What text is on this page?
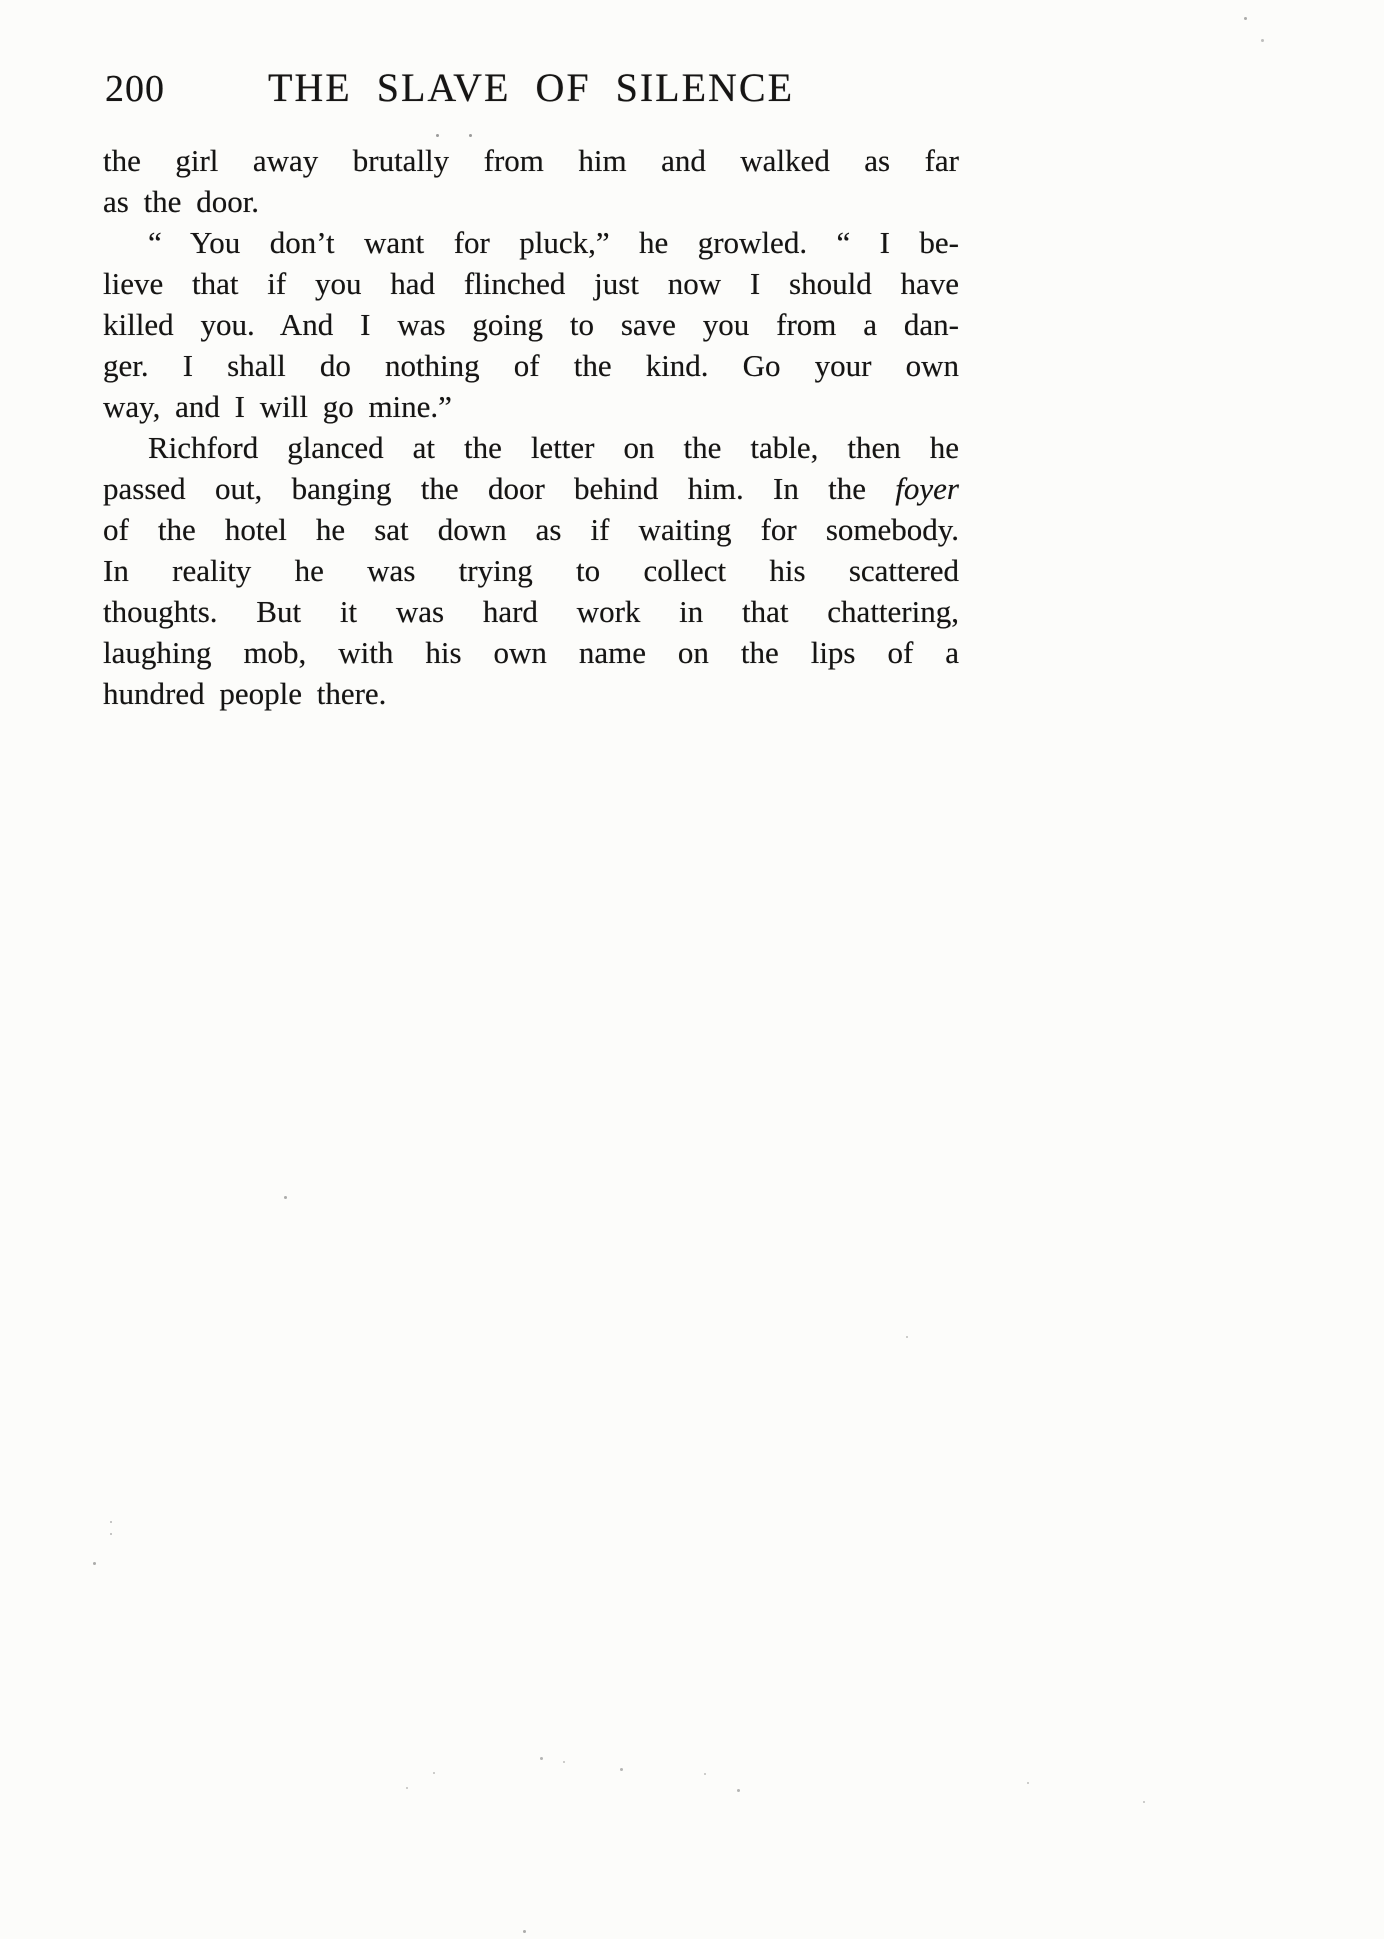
200	THE SLAVE OF SILENCE
the girl away brutally from him and walked as far
as the door.
“ You don’t want for pluck,” he growled. “ I be-
lieve that if you had flinched just now I should have
killed you. And I was going to save you from a dan-
ger. I shall do nothing of the kind. Go your own
way, and I will go mine.”
Richford glanced at the letter on the table, then he
passed out, banging the door behind him. In the foyer
of the hotel he sat down as if waiting for somebody.
In reality he was trying to collect his scattered
thoughts. But it was hard work in that chattering,
laughing mob, with his own name on the lips of a
hundred people there.
